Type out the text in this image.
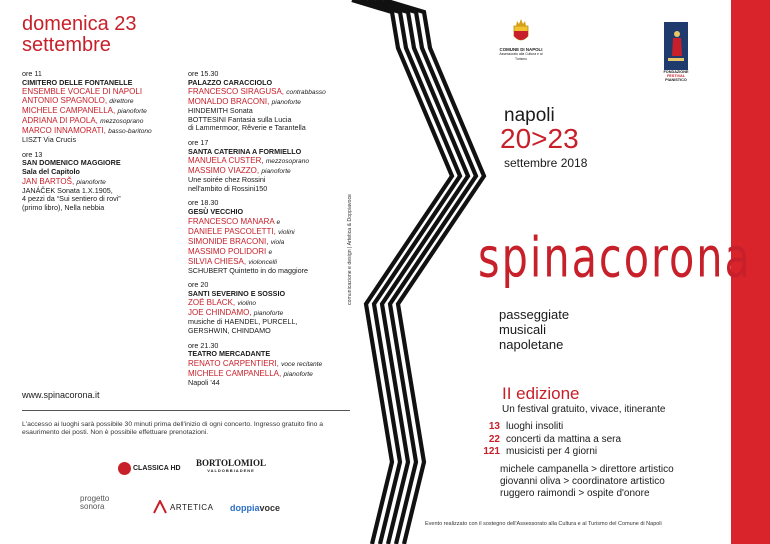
domenica 23
settembre
ore 11
CIMITERO DELLE FONTANELLE
ENSEMBLE VOCALE DI NAPOLI
ANTONIO SPAGNOLO, direttore
MICHELE CAMPANELLA, pianoforte
ADRIANA DI PAOLA, mezzosoprano
MARCO INNAMORATI, basso-baritono
LISZT Via Crucis
ore 13
SAN DOMENICO MAGGIORE
Sala del Capitolo
JAN BARTOŠ, pianoforte
JANÁČEK Sonata 1.X.1905,
4 pezzi da “Sui sentiero di rovi”
(primo libro), Nella nebbia
ore 15.30
PALAZZO CARACCIOLO
FRANCESCO SIRAGUSA, contrabbasso
MONALDO BRACONI, pianoforte
HINDEMITH Sonata
BOTTESINI Fantasia sulla Lucia
di Lammermoor, Rêverie e Tarantella
ore 17
SANTA CATERINA A FORMIELLO
MANUELA CUSTER, mezzosoprano
MASSIMO VIAZZO, pianoforte
Une soirée chez Rossini
nell'ambito di Rossini150
ore 18.30
GESÙ VECCHIO
FRANCESCO MANARA e
DANIELE PASCOLETTI, violini
SIMONIDE BRACONI, viola
MASSIMO POLIDORI e
SILVIA CHIESA, violoncelli
SCHUBERT Quintetto in do maggiore
ore 20
SANTI SEVERINO E SOSSIO
ZOË BLACK, violino
JOE CHINDAMO, pianoforte
musiche di HAENDEL, PURCELL,
GERSHWIN, CHINDAMO
ore 21.30
TEATRO MERCADANTE
RENATO CARPENTIERI, voce recitante
MICHELE CAMPANELLA, pianoforte
Napoli '44
www.spinacorona.it
L'accesso ai luoghi sarà possibile 30 minuti prima dell'inizio di ogni concerto. Ingresso gratuito fino a esaurimento dei posti. Non è possibile effettuare prenotazioni.
CLASSICA HD
BORTOLOMIOL
VALDOBBIADENE
progetto
sonora	ARTETICA doppiavoce
comunicazione e design | Artetica & Doppiavoce
COMUNE DI NAPOLI
Assessorato alla Cultura e al Turismo
FONDAZIONE
FESTIVAL
PIANISTICO
napoli
20>23
settembre 2018
spinacorona
passeggiate
musicali
napoletane
II edizione
Un festival gratuito, vivace, itinerante
13 luoghi insoliti
22 concerti da mattina a sera
121 musicisti per 4 giorni
michele campanella > direttore artistico
giovanni oliva > coordinatore artistico
ruggero raimondi > ospite d'onore
Evento realizzato con il sostegno dell'Assessorato alla Cultura e al Turismo del Comune di Napoli
